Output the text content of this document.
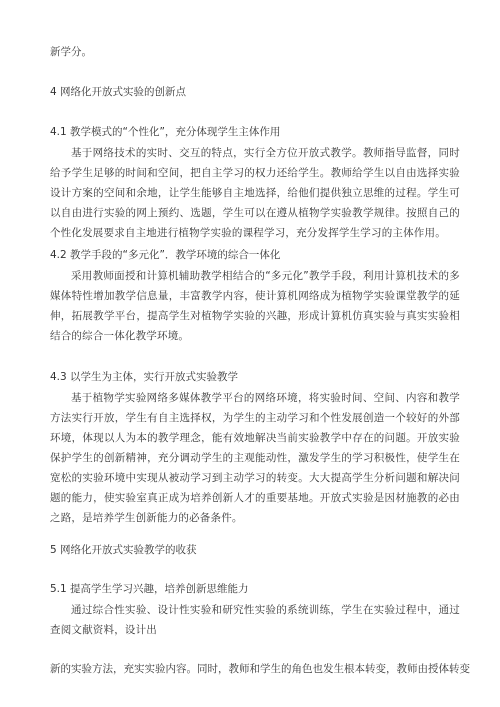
新学分。

4 网络化开放式实验的创新点

4.1 教学模式的“个性化”，充分体现学生主体作用

基于网络技术的实时、交互的特点，实行全方位开放式教学。教师指导监督，同时给予学生足够的时间和空间，把自主学习的权力还给学生。教师给学生以自由选择实验设计方案的空间和余地，让学生能够自主地选择，给他们提供独立思维的过程。学生可以自由进行实验的网上预约、选题，学生可以在遵从植物学实验教学规律。按照自己的个性化发展要求自主地进行植物学实验的课程学习，充分发挥学生学习的主体作用。

4.2 教学手段的“多元化”．教学环境的综合一体化

采用教师面授和计算机辅助教学相结合的“多元化”教学手段，利用计算机技术的多媒体特性增加教学信息量，丰富教学内容，使计算机网络成为植物学实验课堂教学的延伸，拓展教学平台，提高学生对植物学实验的兴趣，形成计算机仿真实验与真实实验相结合的综合一体化教学环境。

4.3 以学生为主体，实行开放式实验教学

基于植物学实验网络多媒体教学平台的网络环境，将实验时间、空间、内容和教学方法实行开放，学生有自主选择权，为学生的主动学习和个性发展创造一个较好的外部环境，体现以人为本的教学理念，能有效地解决当前实验教学中存在的问题。开放实验保护学生的创新精神，充分调动学生的主观能动性，激发学生的学习积极性，使学生在宽松的实验环境中实现从被动学习到主动学习的转变。大大提高学生分析问题和解决问题的能力，使实验室真正成为培养创新人才的重要基地。开放式实验是因材施教的必由之路，是培养学生创新能力的必备条件。

5 网络化开放式实验教学的收获

5.1 提高学生学习兴趣，培养创新思维能力

通过综合性实验、设计性实验和研究性实验的系统训练，学生在实验过程中，通过查阅文献资料，设计出

新的实验方法，充实实验内容。同时，教师和学生的角色也发生根本转变，教师由授体转变
